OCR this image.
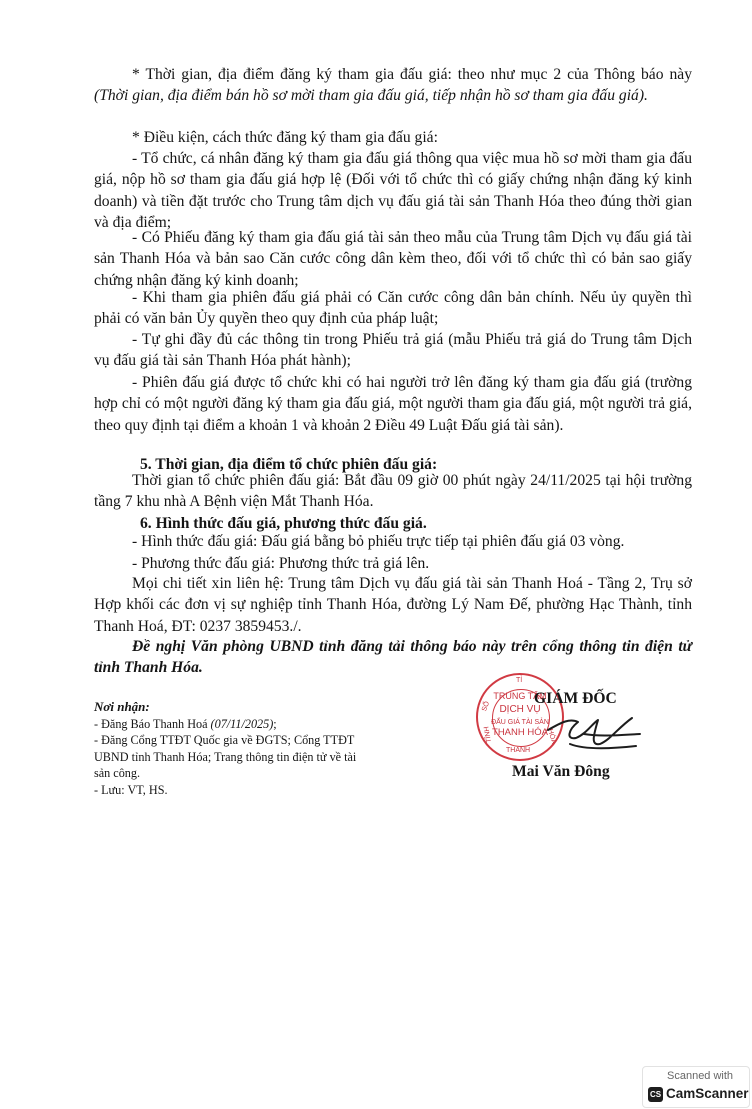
* Thời gian, địa điểm đăng ký tham gia đấu giá: theo như mục 2 của Thông báo này (Thời gian, địa điểm bán hồ sơ mời tham gia đấu giá, tiếp nhận hồ sơ tham gia đấu giá).
* Điều kiện, cách thức đăng ký tham gia đấu giá:
- Tổ chức, cá nhân đăng ký tham gia đấu giá thông qua việc mua hồ sơ mời tham gia đấu giá, nộp hồ sơ tham gia đấu giá hợp lệ (Đối với tổ chức thì có giấy chứng nhận đăng ký kinh doanh) và tiền đặt trước cho Trung tâm dịch vụ đấu giá tài sản Thanh Hóa theo đúng thời gian và địa điểm;
- Có Phiếu đăng ký tham gia đấu giá tài sản theo mẫu của Trung tâm Dịch vụ đấu giá tài sản Thanh Hóa và bản sao Căn cước công dân kèm theo, đối với tổ chức thì có bản sao giấy chứng nhận đăng ký kinh doanh;
- Khi tham gia phiên đấu giá phải có Căn cước công dân bản chính. Nếu ủy quyền thì phải có văn bản Ủy quyền theo quy định của pháp luật;
- Tự ghi đầy đủ các thông tin trong Phiếu trả giá (mẫu Phiếu trả giá do Trung tâm Dịch vụ đấu giá tài sản Thanh Hóa phát hành);
- Phiên đấu giá được tổ chức khi có hai người trở lên đăng ký tham gia đấu giá (trường hợp chỉ có một người đăng ký tham gia đấu giá, một người tham gia đấu giá, một người trả giá, theo quy định tại điểm a khoản 1 và khoản 2 Điều 49 Luật Đấu giá tài sản).
5. Thời gian, địa điểm tổ chức phiên đấu giá:
Thời gian tổ chức phiên đấu giá: Bắt đầu 09 giờ 00 phút ngày 24/11/2025 tại hội trường tầng 7 khu nhà A Bệnh viện Mắt Thanh Hóa.
6. Hình thức đấu giá, phương thức đấu giá.
- Hình thức đấu giá: Đấu giá bằng bỏ phiếu trực tiếp tại phiên đấu giá 03 vòng.
- Phương thức đấu giá: Phương thức trả giá lên.
Mọi chi tiết xin liên hệ: Trung tâm Dịch vụ đấu giá tài sản Thanh Hoá - Tầng 2, Trụ sở Hợp khối các đơn vị sự nghiệp tỉnh Thanh Hóa, đường Lý Nam Đế, phường Hạc Thành, tỉnh Thanh Hoá, ĐT: 0237 3859453./.
Đề nghị Văn phòng UBND tỉnh đăng tải thông báo này trên cổng thông tin điện tử tỉnh Thanh Hóa.
Nơi nhận:
- Đăng Báo Thanh Hoá (07/11/2025);
- Đăng Cổng TTĐT Quốc gia về ĐGTS; Cổng TTĐT UBND tỉnh Thanh Hóa; Trang thông tin điện tử về tài sản công.
- Lưu: VT, HS.
TỈ
SỐ
TỈNH	HÓA
THANH
TRUNG TÂM
DỊCH VỤ
ĐẤU GIÁ TÀI SẢN
THANH HÓA
GIÁM ĐỐC
Mai Văn Đông
Scanned with
CS CamScanner
